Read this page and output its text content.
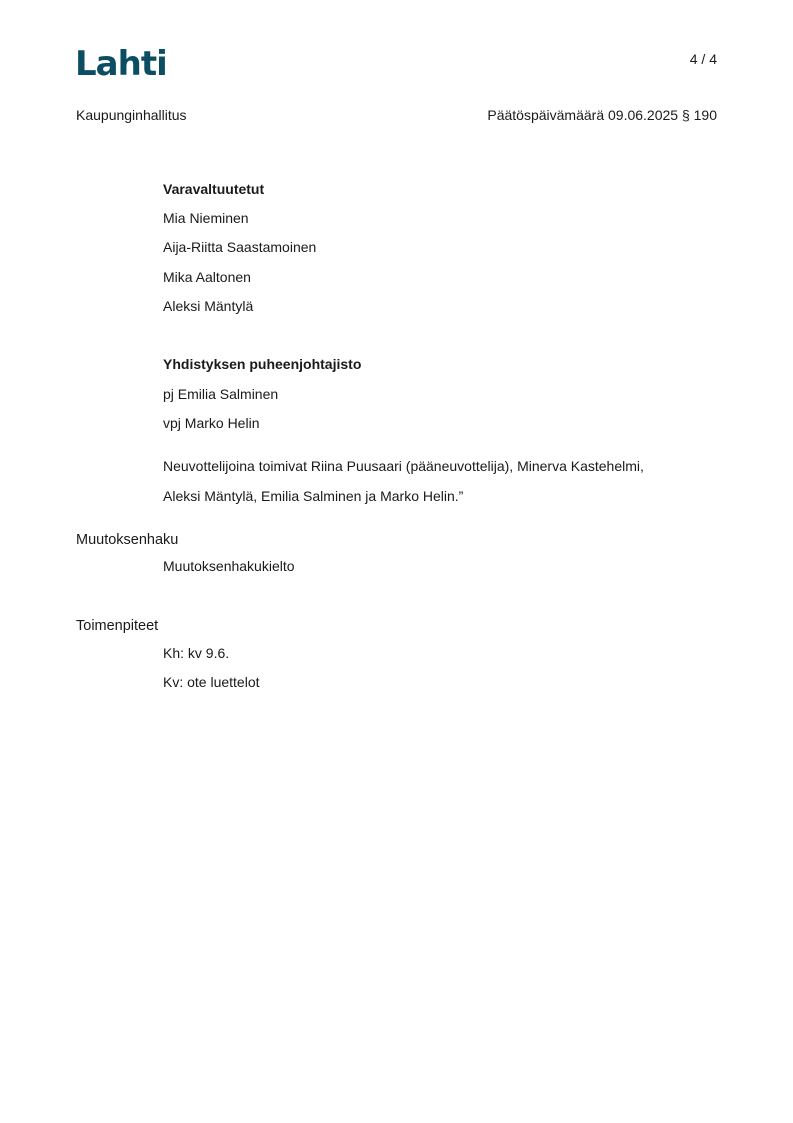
Lahti	4 / 4
Kaupunginhallitus	Päätöspäivämäärä 09.06.2025 § 190
Varavaltuutetut
Mia Nieminen
Aija-Riitta Saastamoinen
Mika Aaltonen
Aleksi Mäntylä
Yhdistyksen puheenjohtajisto
pj Emilia Salminen
vpj Marko Helin
Neuvottelijoina toimivat Riina Puusaari (pääneuvottelija), Minerva Kastehelmi,
Aleksi Mäntylä, Emilia Salminen ja Marko Helin.”
Muutoksenhaku
Muutoksenhakukielto
Toimenpiteet
Kh: kv 9.6.
Kv: ote luettelot
